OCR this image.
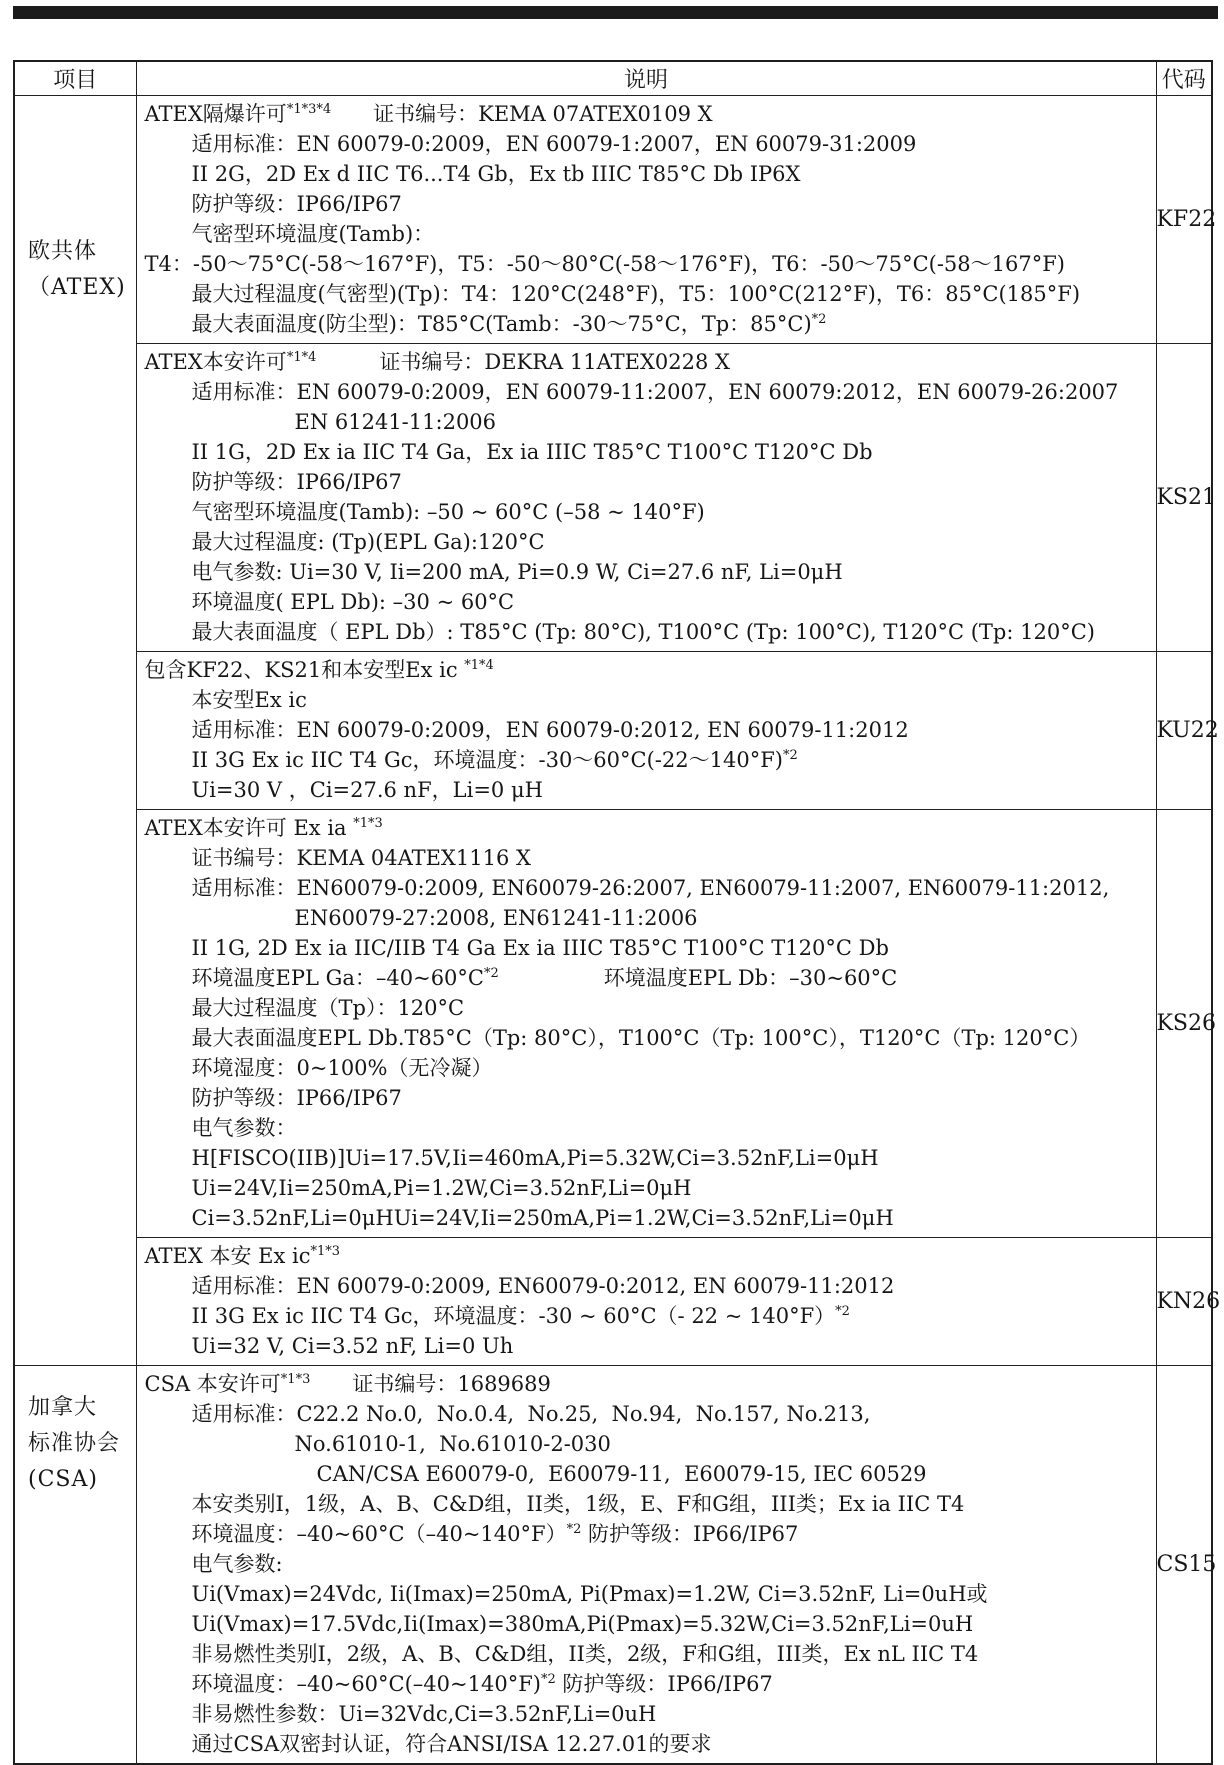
项目	说明	代码

欧共体
（ATEX)

ATEX隔爆许可$^{*1*3*4}$　　证书编号：KEMA 07ATEX0109 X
适用标准：EN 60079-0:2009，EN 60079-1:2007，EN 60079-31:2009
II 2G，2D Ex d IIC T6...T4 Gb，Ex tb IIIC T85°C Db IP6X
防护等级：IP66/IP67
气密型环境温度(Tamb)：
T4：-50～75°C(-58～167°F)，T5：-50～80°C(-58～176°F)，T6：-50～75°C(-58～167°F)
最大过程温度(气密型)(Tp)：T4：120°C(248°F)，T5：100°C(212°F)，T6：85°C(185°F)
最大表面温度(防尘型)：T85°C(Tamb：-30～75°C，Tp：85°C)$^{*2}$
	KF22

ATEX本安许可$^{*1*4}$　　　证书编号：DEKRA 11ATEX0228 X
适用标准：EN 60079-0:2009，EN 60079-11:2007，EN 60079:2012，EN 60079-26:2007
EN 61241-11:2006
II 1G，2D Ex ia IIC T4 Ga，Ex ia IIIC T85°C T100°C T120°C Db
防护等级：IP66/IP67
气密型环境温度(Tamb): –50 ~ 60°C (–58 ~ 140°F)
最大过程温度: (Tp)(EPL Ga):120°C
电气参数: Ui=30 V, Ii=200 mA, Pi=0.9 W, Ci=27.6 nF, Li=0μH
环境温度( EPL Db): –30 ~ 60°C
最大表面温度（ EPL Db）: T85°C (Tp: 80°C), T100°C (Tp: 100°C), T120°C (Tp: 120°C)
	KS21

	包含KF22、KS21和本安型Ex ic $^{*1*4}$
本安型Ex ic
适用标准：EN 60079-0:2009，EN 60079-0:2012, EN 60079-11:2012
II 3G Ex ic IIC T4 Gc，环境温度：-30～60°C(-22～140°F)$^{*2}$
Ui=30 V ，Ci=27.6 nF，Li=0 μH	KU22

ATEX本安许可 Ex ia $^{*1*3}$
证书编号：KEMA 04ATEX1116 X
适用标准：EN60079-0:2009, EN60079-26:2007, EN60079-11:2007, EN60079-11:2012,
EN60079-27:2008, EN61241-11:2006
II 1G, 2D Ex ia IIC/IIB T4 Ga Ex ia IIIC T85°C T100°C T120°C Db
环境温度EPL Ga：$-40\sim 60^\circ C^{*2}$　　　　　环境温度EPL Db：–30~60°C
最大过程温度（Tp）：120°C
最大表面温度EPL Db.T85°C（Tp: 80°C），T100°C（Tp: 100°C），T120°C（Tp: 120°C）
环境湿度：0~100%（无冷凝）
防护等级：IP66/IP67
电气参数：
H[FISCO(IIB)]Ui=17.5V,Ii=460mA,Pi=5.32W,Ci=3.52nF,Li=0μH
Ui=24V,Ii=250mA,Pi=1.2W,Ci=3.52nF,Li=0μH
Ci=3.52nF,Li=0μHUi=24V,Ii=250mA,Pi=1.2W,Ci=3.52nF,Li=0μH
	KS26

	ATEX 本安 Ex $ic^{*1*3}$
适用标准：EN 60079-0:2009, EN60079-0:2012, EN 60079-11:2012
II 3G Ex ic IIC T4 Gc，环境温度：-30 ~ 60°C（- 22 ~ 140°F）$^{*2}$
Ui=32 V, Ci=3.52 nF, Li=0 Uh	KN26

加拿大
标准协会
(CSA)

CSA 本安许可$^{*1*3}$　　证书编号：1689689
适用标准：C22.2 No.0,  No.0.4,  No.25,  No.94,  No.157, No.213,
No.61010-1,  No.61010-2-030
CAN/CSA E60079-0,  E60079-11,  E60079-15, IEC 60529
本安类别I，1级，A、B、C&D组，II类，1级，E、F和G组，III类；Ex ia IIC T4
环境温度：–40~60°C（–40~140°F）$^{*2}$ 防护等级：IP66/IP67
电气参数:
Ui(Vmax)=24Vdc, Ii(Imax)=250mA, Pi(Pmax)=1.2W, Ci=3.52nF, Li=0uH或
Ui(Vmax)=17.5Vdc,Ii(Imax)=380mA,Pi(Pmax)=5.32W,Ci=3.52nF,Li=0uH
非易燃性类别I，2级，A、B、C&D组，II类，2级，F和G组，III类，Ex nL IIC T4
环境温度：–40~60°C(–40~140°F)$^{*2}$ 防护等级：IP66/IP67
非易燃性参数：Ui=32Vdc,Ci=3.52nF,Li=0uH
通过CSA双密封认证，符合ANSI/ISA 12.27.01的要求
	CS15
